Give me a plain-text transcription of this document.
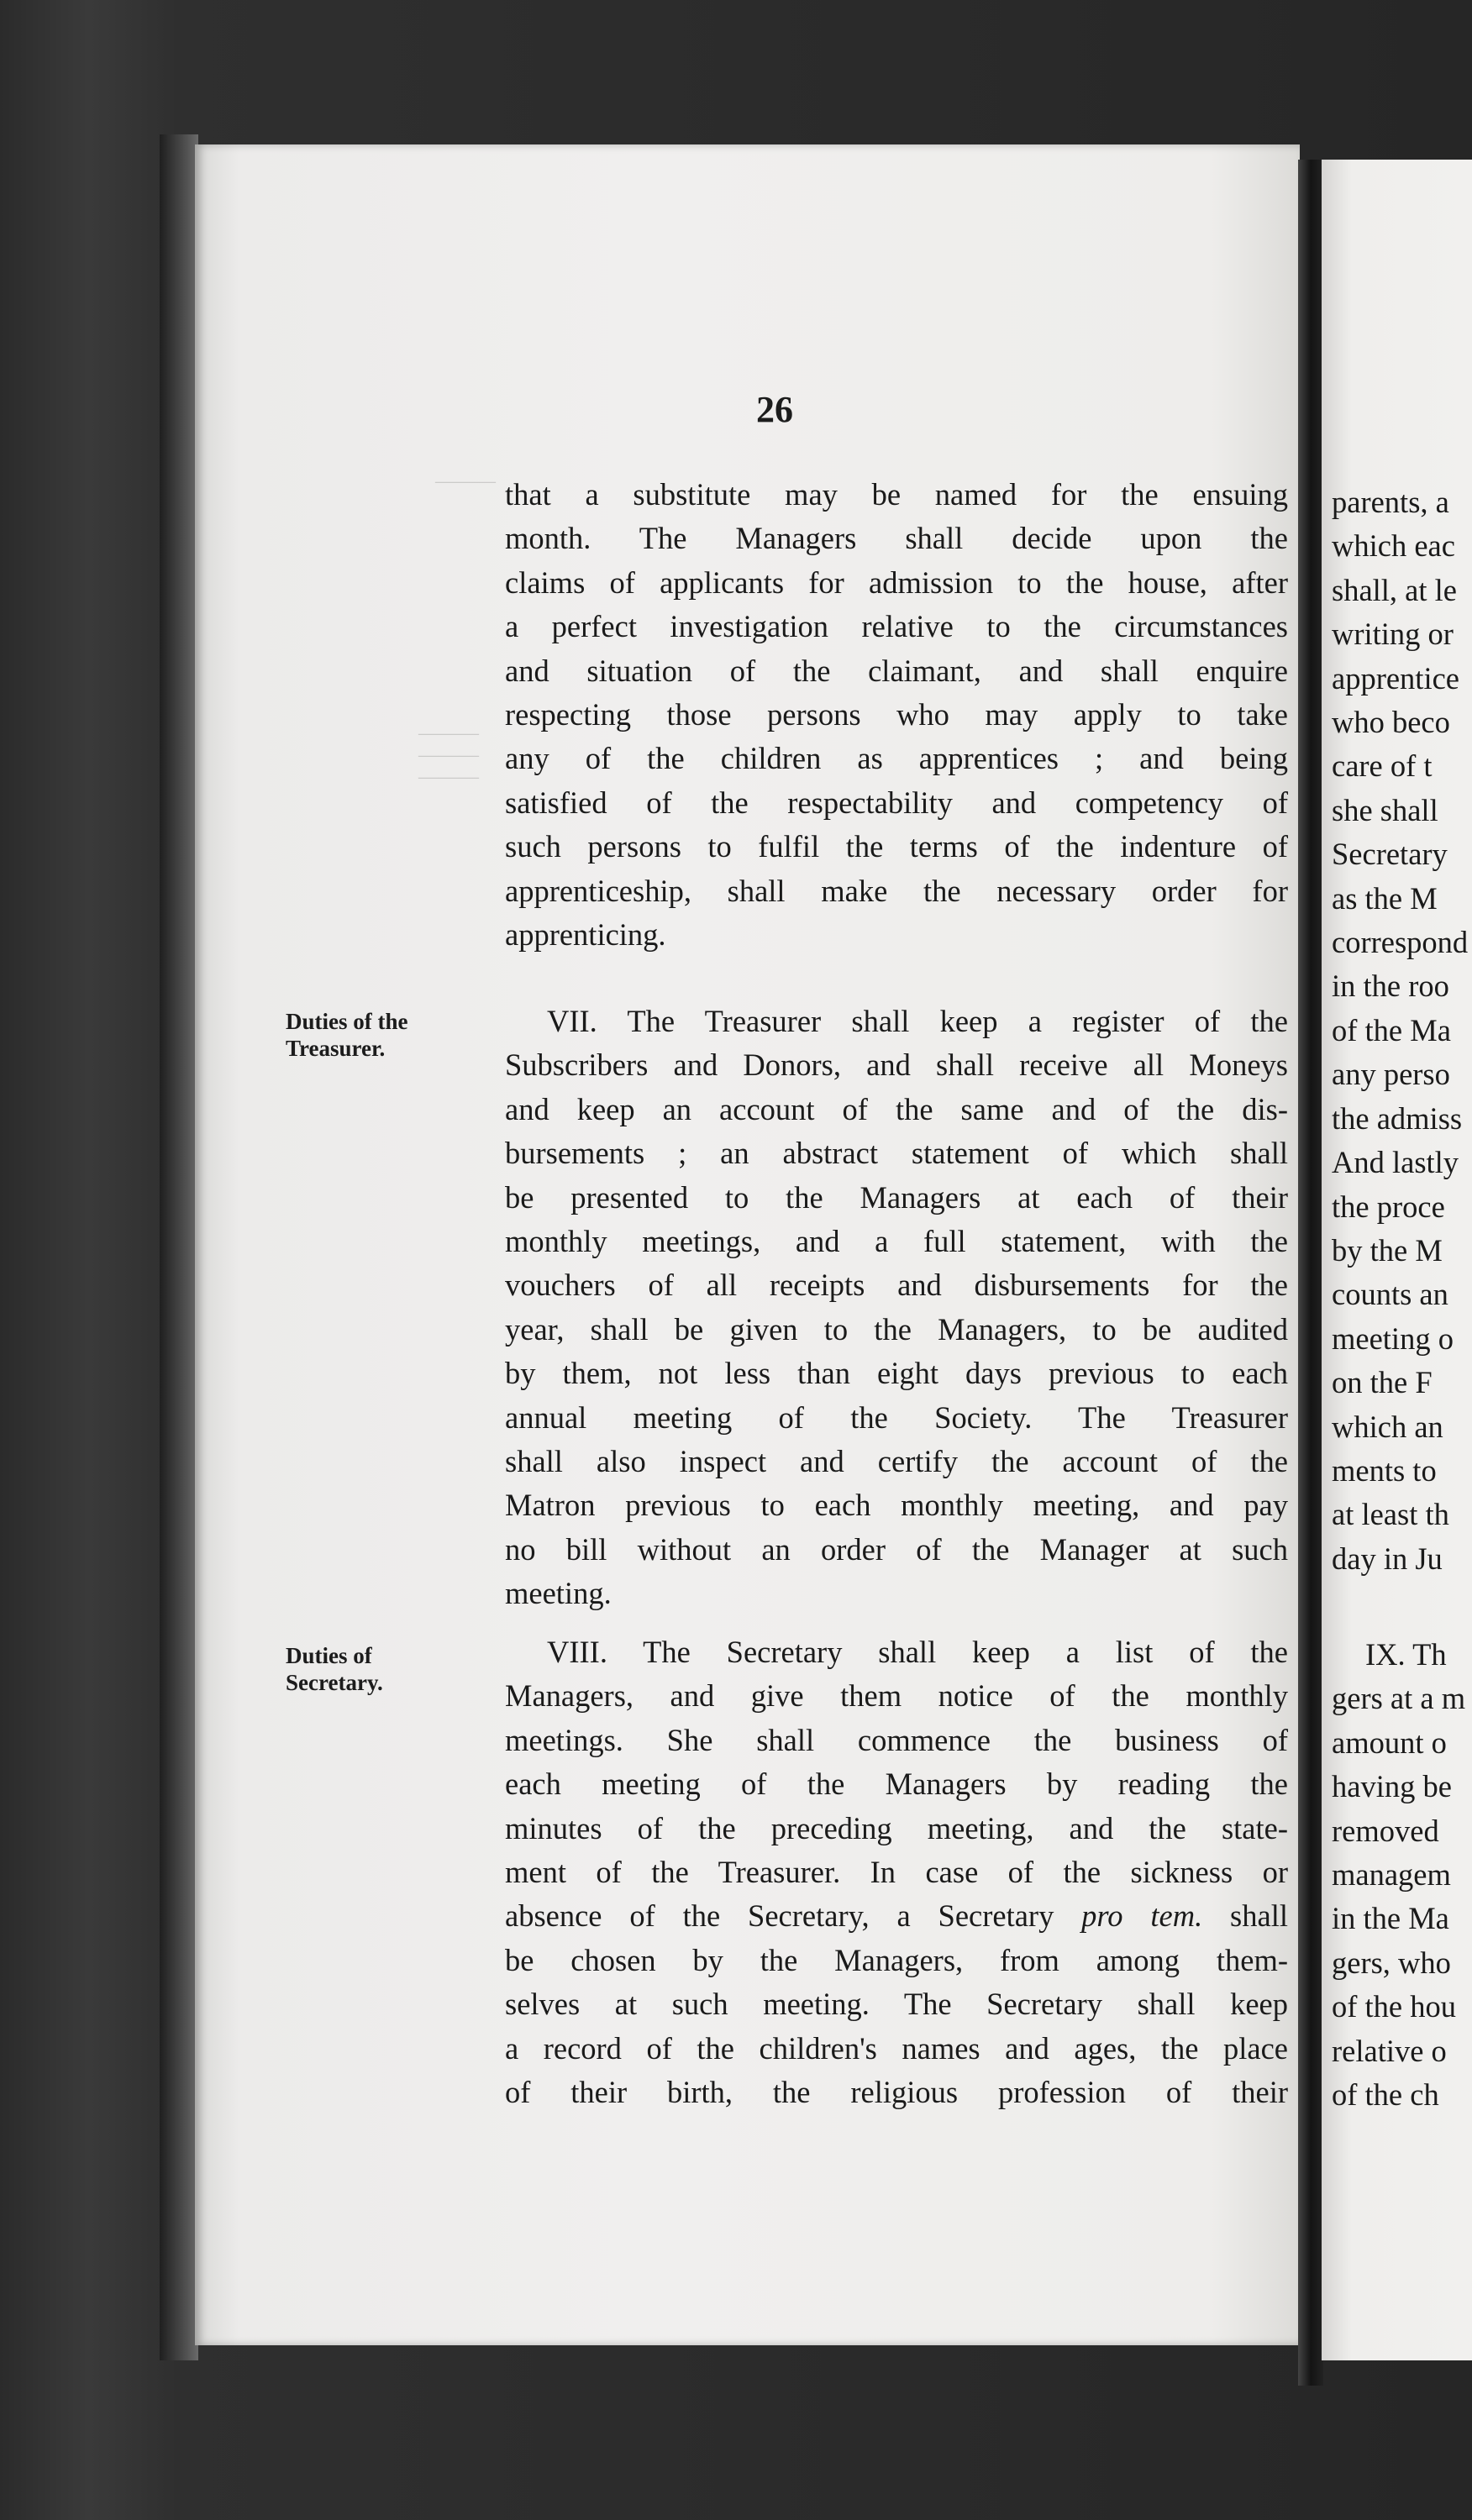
———
———
———
———
26
that a substitute may be named for the ensuing
month. The Managers shall decide upon the
claims of applicants for admission to the house, after
a perfect investigation relative to the circumstances
and situation of the claimant, and shall enquire
respecting those persons who may apply to take
any of the children as apprentices ; and being
satisfied of the respectability and competency of
such persons to fulfil the terms of the indenture of
apprenticeship, shall make the necessary order for
apprenticing.
Duties of the
Treasurer.
VII. The Treasurer shall keep a register of the
Subscribers and Donors, and shall receive all Moneys
and keep an account of the same and of the dis-
bursements ; an abstract statement of which shall
be presented to the Managers at each of their
monthly meetings, and a full statement, with the
vouchers of all receipts and disbursements for the
year, shall be given to the Managers, to be audited
by them, not less than eight days previous to each
annual meeting of the Society. The Treasurer
shall also inspect and certify the account of the
Matron previous to each monthly meeting, and pay
no bill without an order of the Manager at such
meeting.
Duties of
Secretary.
VIII. The Secretary shall keep a list of the
Managers, and give them notice of the monthly
meetings. She shall commence the business of
each meeting of the Managers by reading the
minutes of the preceding meeting, and the state-
ment of the Treasurer. In case of the sickness or
absence of the Secretary, a Secretary pro tem. shall
be chosen by the Managers, from among them-
selves at such meeting. The Secretary shall keep
a record of the children's names and ages, the place
of their birth, the religious profession of their
parents, a
which eac
shall, at le
writing or
apprentice
who beco
care of t
she shall
Secretary
as the M
correspond
in the roo
of the Ma
any perso
the admiss
And lastly
the proce
by the M
counts an
meeting o
on the F
which an
ments to
at least th
day in Ju
IX. Th
gers at a m
amount o
having be
removed
managem
in the Ma
gers, who
of the hou
relative o
of the ch
